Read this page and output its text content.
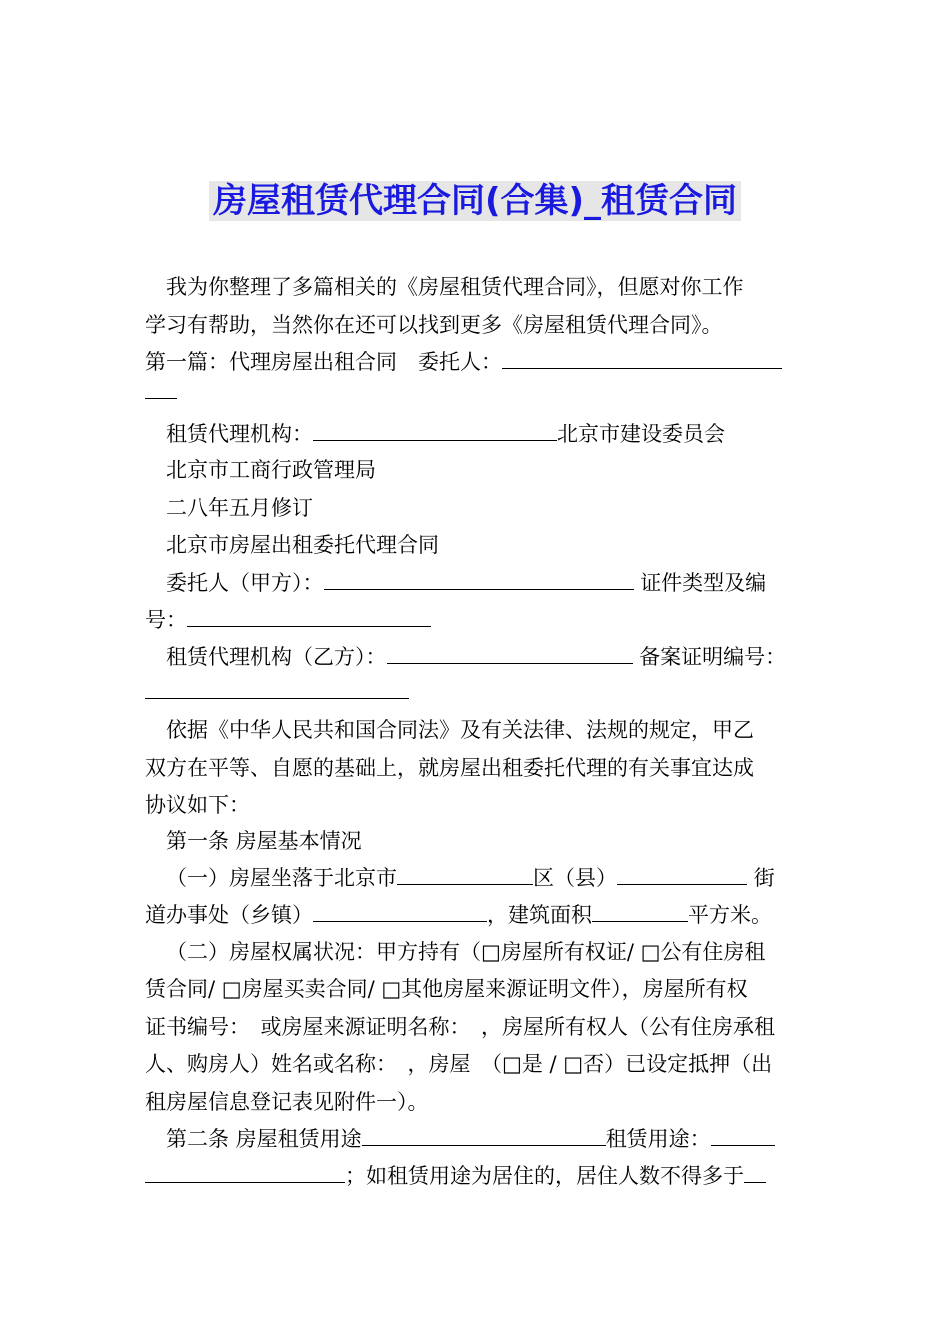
房屋租赁代理合同(合集)_租赁合同
我为你整理了多篇相关的《房屋租赁代理合同》，但愿对你工作
学习有帮助，当然你在还可以找到更多《房屋租赁代理合同》。
第一篇：代理房屋出租合同　委托人：
租赁代理机构：	北京市建设委员会
北京市工商行政管理局
二八年五月修订
北京市房屋出租委托代理合同
委托人（甲方）：	证件类型及编
号：
租赁代理机构（乙方）：	备案证明编号：
依据《中华人民共和国合同法》及有关法律、法规的规定，甲乙
双方在平等、自愿的基础上，就房屋出租委托代理的有关事宜达成
协议如下：
第一条 房屋基本情况
（一）房屋坐落于北京市	区（县）	街
道办事处（乡镇）	，建筑面积	平方米。
（二）房屋权属状况：甲方持有（□房屋所有权证/ □公有住房租
赁合同/ □房屋买卖合同/ □其他房屋来源证明文件），房屋所有权
证书编号：　或房屋来源证明名称：　，房屋所有权人（公有住房承租
人、购房人）姓名或名称：　，房屋　（□是 / □否）已设定抵押（出
租房屋信息登记表见附件一）。
第二条 房屋租赁用途	租赁用途：
；如租赁用途为居住的，居住人数不得多于
